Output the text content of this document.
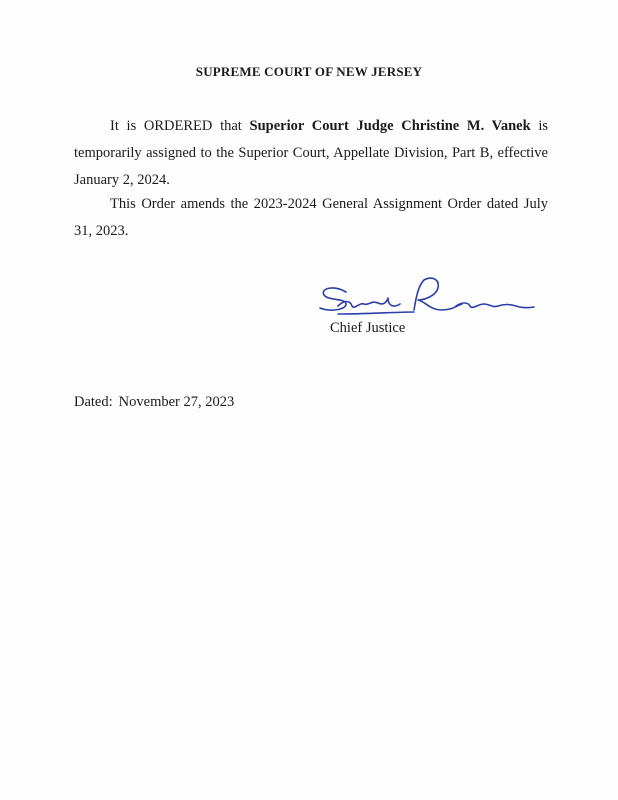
SUPREME COURT OF NEW JERSEY
It is ORDERED that Superior Court Judge Christine M. Vanek is temporarily assigned to the Superior Court, Appellate Division, Part B, effective January 2, 2024.
This Order amends the 2023-2024 General Assignment Order dated July 31, 2023.
Chief Justice
Dated: November 27, 2023
